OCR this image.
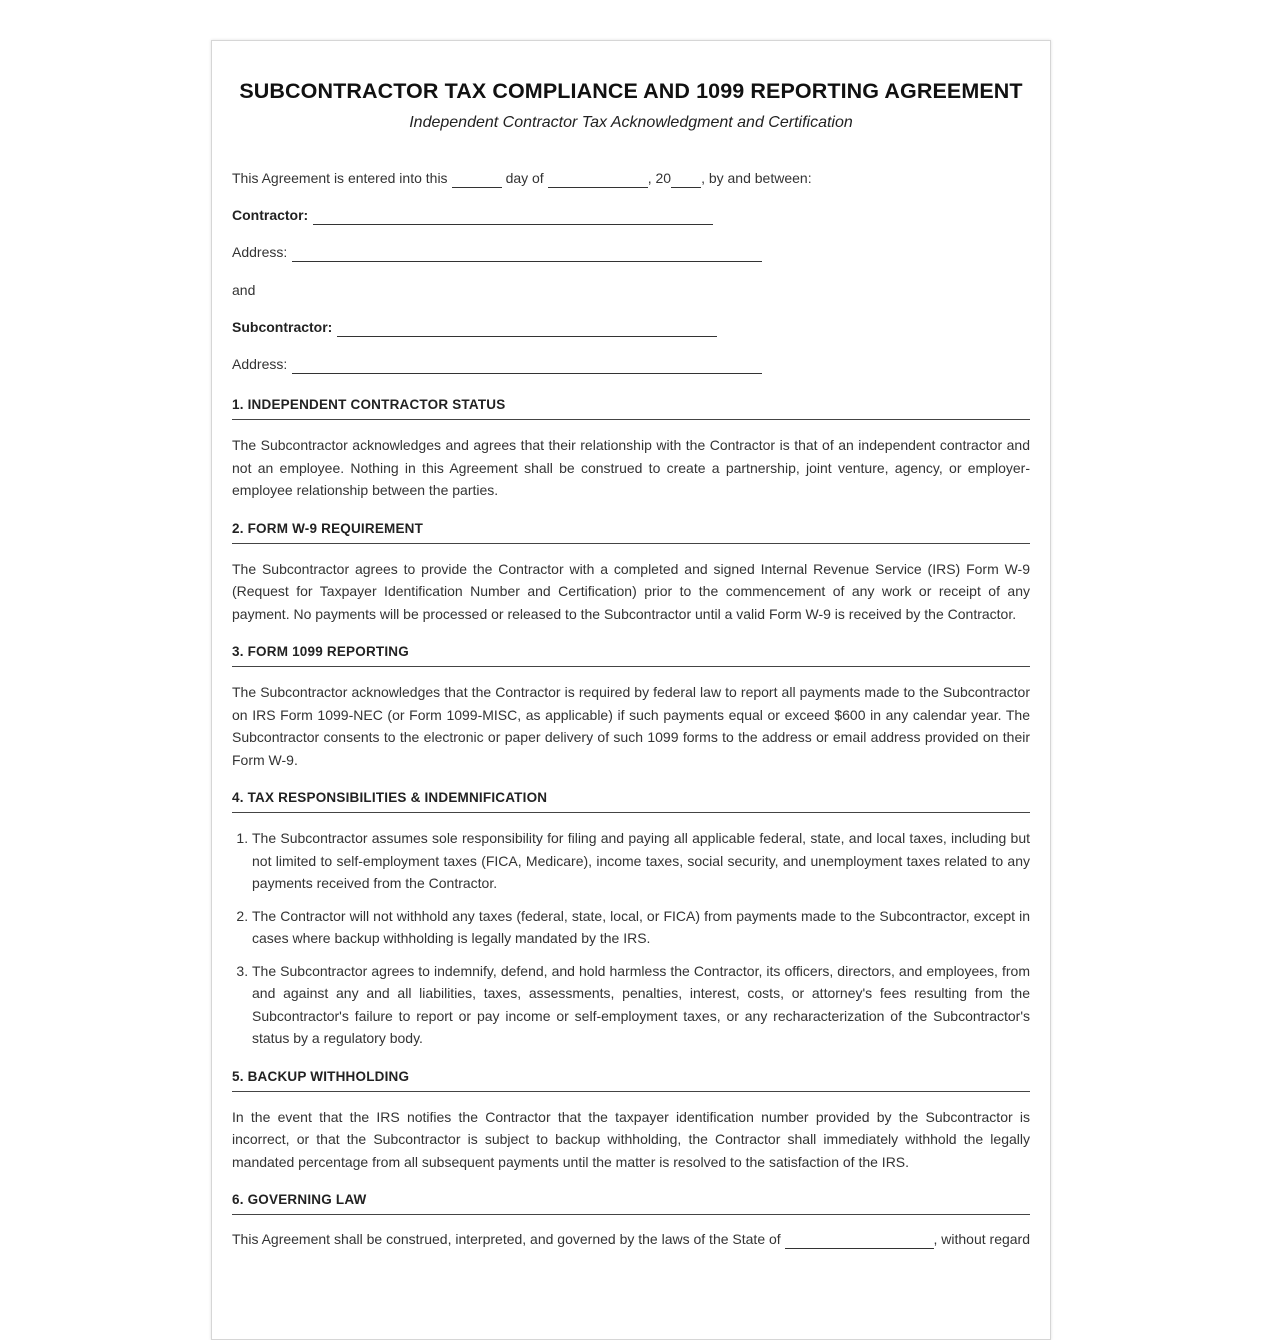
SUBCONTRACTOR TAX COMPLIANCE AND 1099 REPORTING AGREEMENT
Independent Contractor Tax Acknowledgment and Certification
This Agreement is entered into this	day of	, 20 , by and between:
Contractor:
Address:
and
Subcontractor:
Address:
1. INDEPENDENT CONTRACTOR STATUS

The Subcontractor acknowledges and agrees that their relationship with the Contractor is that of an independent contractor and not an employee. Nothing in this Agreement shall be construed to create a partnership, joint venture, agency, or employer-employee relationship between the parties.

2. FORM W-9 REQUIREMENT

The Subcontractor agrees to provide the Contractor with a completed and signed Internal Revenue Service (IRS) Form W-9 (Request for Taxpayer Identification Number and Certification) prior to the commencement of any work or receipt of any payment. No payments will be processed or released to the Subcontractor until a valid Form W-9 is received by the Contractor.

3. FORM 1099 REPORTING

The Subcontractor acknowledges that the Contractor is required by federal law to report all payments made to the Subcontractor on IRS Form 1099-NEC (or Form 1099-MISC, as applicable) if such payments equal or exceed $600 in any calendar year. The Subcontractor consents to the electronic or paper delivery of such 1099 forms to the address or email address provided on their Form W-9.

4. TAX RESPONSIBILITIES & INDEMNIFICATION
1. The Subcontractor assumes sole responsibility for filing and paying all applicable federal, state, and local taxes, including but not limited to self-employment taxes (FICA, Medicare), income taxes, social security, and unemployment taxes related to any payments received from the Contractor.
2. The Contractor will not withhold any taxes (federal, state, local, or FICA) from payments made to the Subcontractor, except in cases where backup withholding is legally mandated by the IRS.
3. The Subcontractor agrees to indemnify, defend, and hold harmless the Contractor, its officers, directors, and employees, from and against any and all liabilities, taxes, assessments, penalties, interest, costs, or attorney's fees resulting from the Subcontractor's failure to report or pay income or self-employment taxes, or any recharacterization of the Subcontractor's status by a regulatory body.
5. BACKUP WITHHOLDING

In the event that the IRS notifies the Contractor that the taxpayer identification number provided by the Subcontractor is incorrect, or that the Subcontractor is subject to backup withholding, the Contractor shall immediately withhold the legally mandated percentage from all subsequent payments until the matter is resolved to the satisfaction of the IRS.

6. GOVERNING LAW
This Agreement shall be construed, interpreted, and governed by the laws of the State of	, without regard
